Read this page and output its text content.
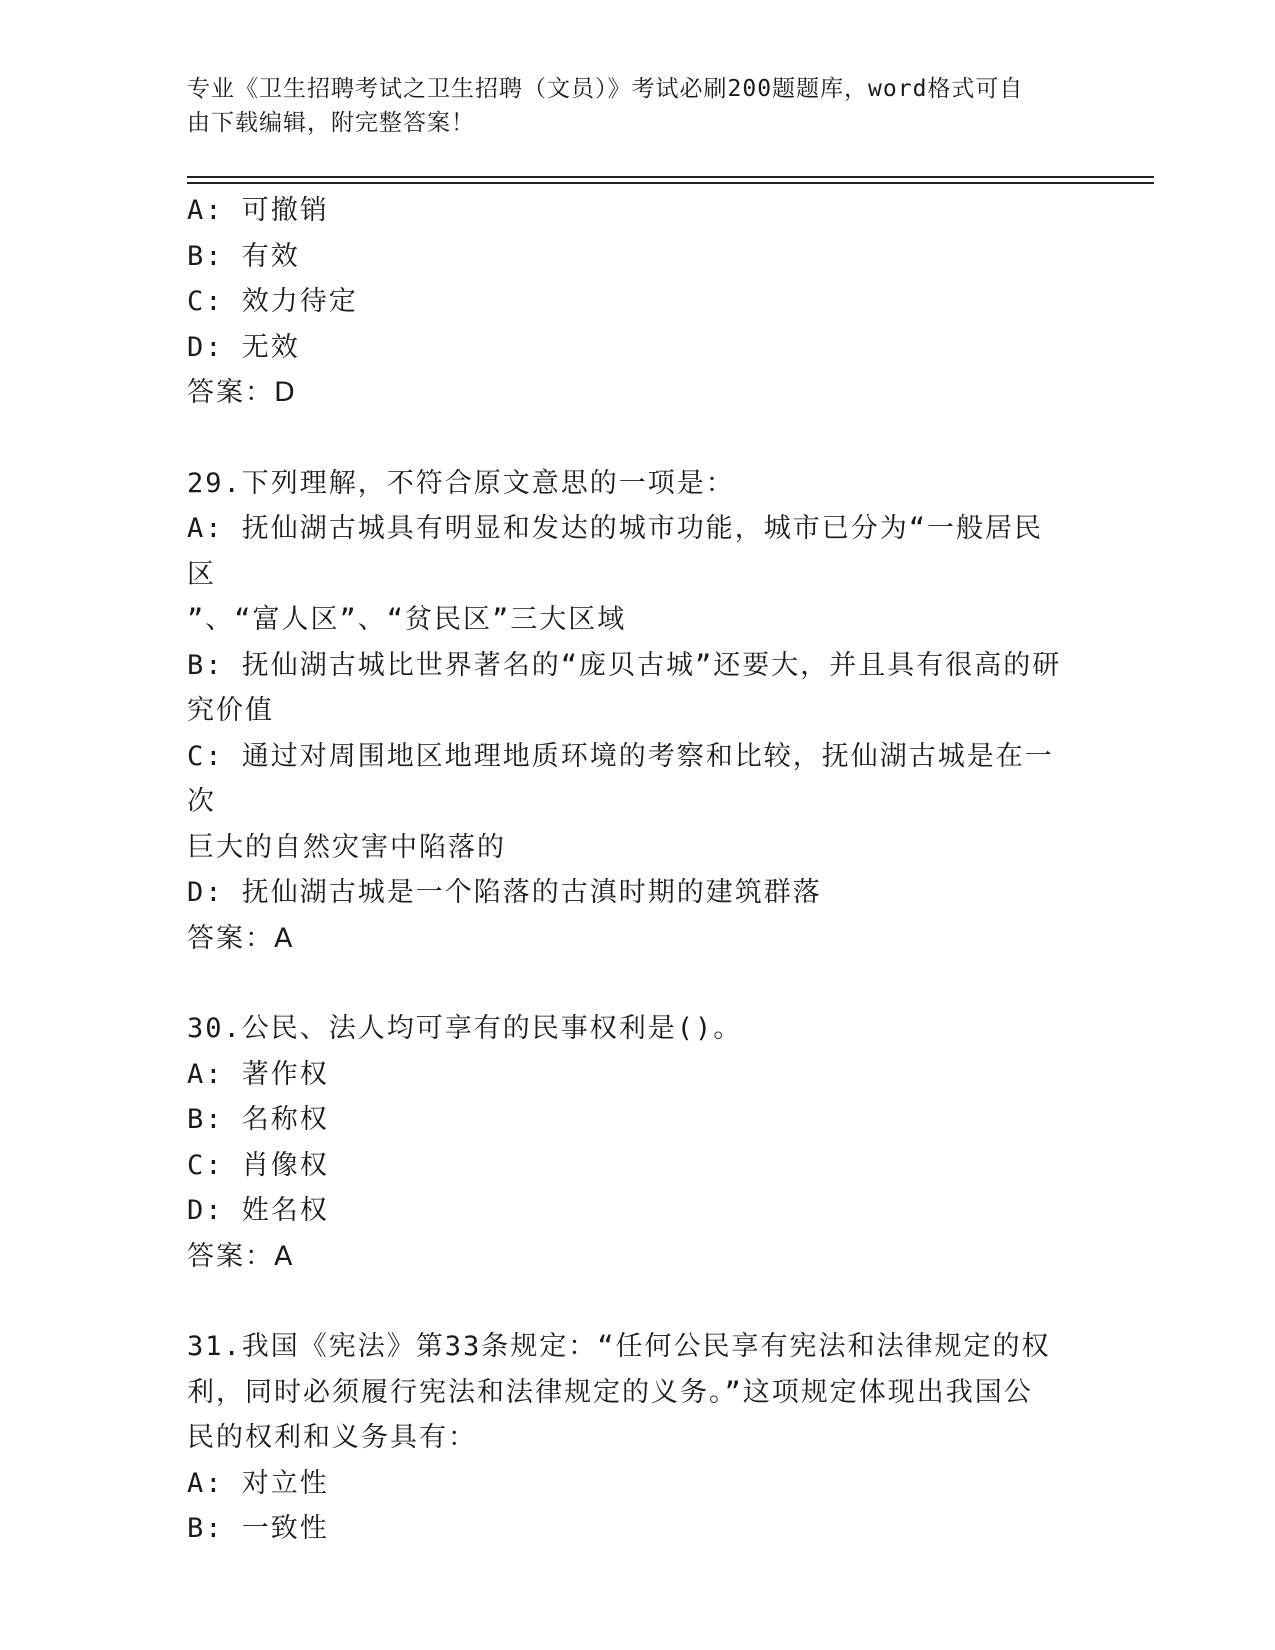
专业《卫生招聘考试之卫生招聘（文员）》考试必刷200题题库，word格式可自
由下载编辑，附完整答案！
A: 可撤销
B: 有效
C: 效力待定
D: 无效
答案：D
29.下列理解，不符合原文意思的一项是：
A: 抚仙湖古城具有明显和发达的城市功能，城市已分为“一般居民区
”、“富人区”、“贫民区”三大区域
B: 抚仙湖古城比世界著名的“庞贝古城”还要大，并且具有很高的研
究价值
C: 通过对周围地区地理地质环境的考察和比较，抚仙湖古城是在一次
巨大的自然灾害中陷落的
D: 抚仙湖古城是一个陷落的古滇时期的建筑群落
答案：A
30.公民、法人均可享有的民事权利是()。
A: 著作权
B: 名称权
C: 肖像权
D: 姓名权
答案：A
31.我国《宪法》第33条规定：“任何公民享有宪法和法律规定的权
利，同时必须履行宪法和法律规定的义务。”这项规定体现出我国公
民的权利和义务具有：
A: 对立性
B: 一致性
